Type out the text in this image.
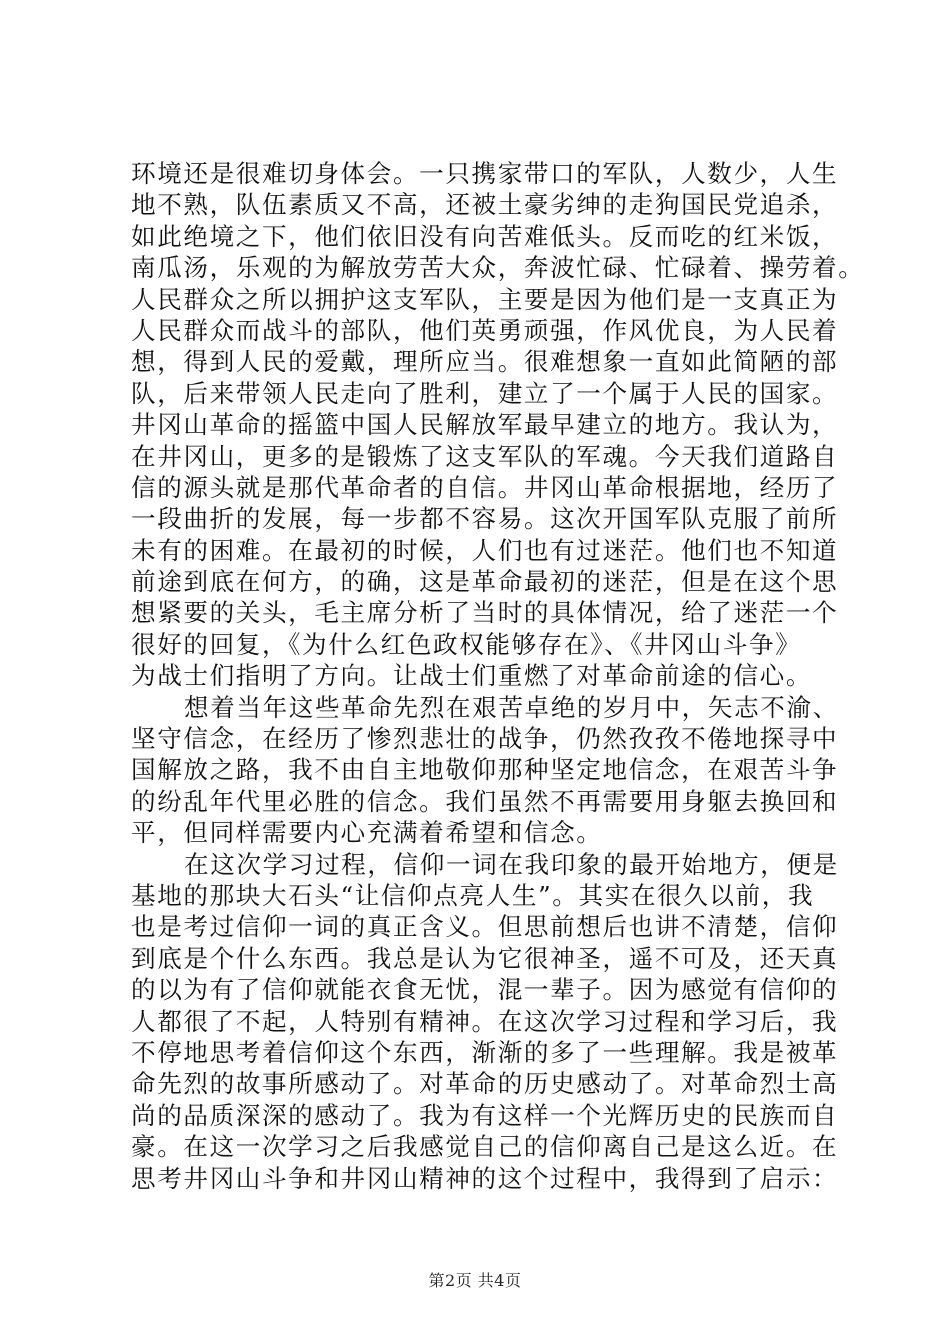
环境还是很难切身体会。一只携家带口的军队，人数少，人生
地不熟，队伍素质又不高，还被土豪劣绅的走狗国民党追杀，
如此绝境之下，他们依旧没有向苦难低头。反而吃的红米饭，
南瓜汤，乐观的为解放劳苦大众，奔波忙碌、忙碌着、操劳着。
人民群众之所以拥护这支军队，主要是因为他们是一支真正为
人民群众而战斗的部队，他们英勇顽强，作风优良，为人民着
想，得到人民的爱戴，理所应当。很难想象一直如此简陋的部
队，后来带领人民走向了胜利，建立了一个属于人民的国家。
井冈山革命的摇篮中国人民解放军最早建立的地方。我认为，
在井冈山，更多的是锻炼了这支军队的军魂。今天我们道路自
信的源头就是那代革命者的自信。井冈山革命根据地，经历了
一段曲折的发展，每一步都不容易。这次开国军队克服了前所
未有的困难。在最初的时候，人们也有过迷茫。他们也不知道
前途到底在何方，的确，这是革命最初的迷茫，但是在这个思
想紧要的关头，毛主席分析了当时的具体情况，给了迷茫一个
很好的回复，《为什么红色政权能够存在》、《井冈山斗争》
为战士们指明了方向。让战士们重燃了对革命前途的信心。
想着当年这些革命先烈在艰苦卓绝的岁月中，矢志不渝、
坚守信念，在经历了惨烈悲壮的战争，仍然孜孜不倦地探寻中
国解放之路，我不由自主地敬仰那种坚定地信念，在艰苦斗争
的纷乱年代里必胜的信念。我们虽然不再需要用身躯去换回和
平，但同样需要内心充满着希望和信念。
在这次学习过程，信仰一词在我印象的最开始地方，便是
基地的那块大石头“让信仰点亮人生”。其实在很久以前，我
也是考过信仰一词的真正含义。但思前想后也讲不清楚，信仰
到底是个什么东西。我总是认为它很神圣，遥不可及，还天真
的以为有了信仰就能衣食无忧，混一辈子。因为感觉有信仰的
人都很了不起，人特别有精神。在这次学习过程和学习后，我
不停地思考着信仰这个东西，渐渐的多了一些理解。我是被革
命先烈的故事所感动了。对革命的历史感动了。对革命烈士高
尚的品质深深的感动了。我为有这样一个光辉历史的民族而自
豪。在这一次学习之后我感觉自己的信仰离自己是这么近。在
思考井冈山斗争和井冈山精神的这个过程中，我得到了启示：
第2页 共4页
